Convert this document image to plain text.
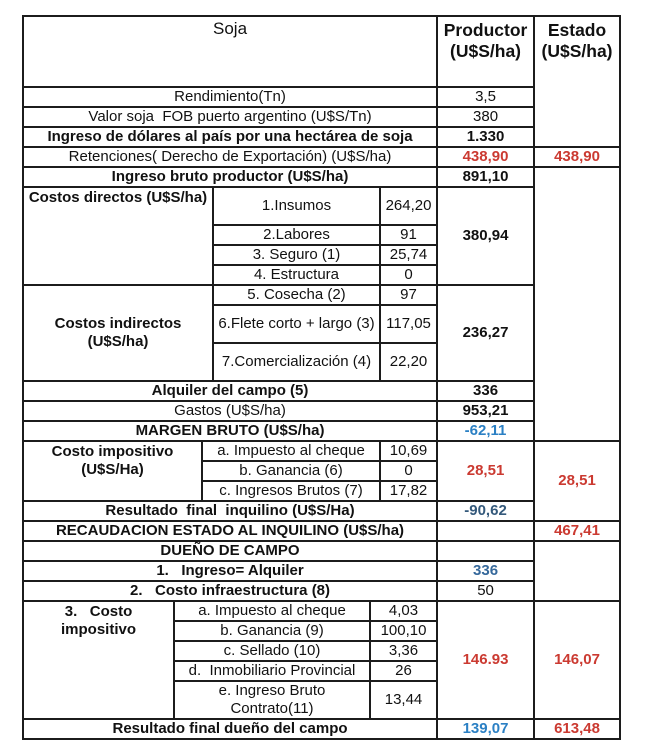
Soja						Productor (U$S/ha)	Estado (U$S/ha)
Rendimiento(Tn)						3,5	
Valor soja  FOB puerto argentino (U$S/Tn)						380	
Ingreso de dólares al país por una hectárea de soja						1.330	
Retenciones( Derecho de Exportación) (U$S/ha)						438,90	438,90
Ingreso bruto productor (U$S/ha)						891,10	
Costos directos (U$S/ha)			1.Insumos		264,20	380,94	
			2.Labores		91		
			3. Seguro (1)		25,74		
			4. Estructura		0		
Costos indirectos (U$S/ha)			5. Cosecha (2)		97	236,27	
			6.Flete corto + largo (3)		117,05		
			7.Comercialización (4)		22,20		
Alquiler del campo (5)						336	
Gastos (U$S/ha)						953,21	
MARGEN BRUTO (U$S/ha)						-62,11	
Costo impositivo (U$S/Ha)		a. Impuesto al cheque			10,69	28,51	28,51
		b. Ganancia (6)			0		
		c. Ingresos Brutos (7)			17,82		
Resultado  final  inquilino (U$S/Ha)						-90,62	
RECAUDACION ESTADO AL INQUILINO (U$S/ha)							467,41
DUEÑO DE CAMPO							
1.   Ingreso= Alquiler						336	
2.   Costo infraestructura (8)						50	
3.   Costo impositivo	a. Impuesto al cheque			4,03		146.93	146,07
	b. Ganancia (9)			100,10			
	c. Sellado (10)			3,36			
	d.  Inmobiliario Provincial			26			
	e. Ingreso Bruto Contrato(11)			13,44			
Resultado final dueño del campo						139,07	613,48
